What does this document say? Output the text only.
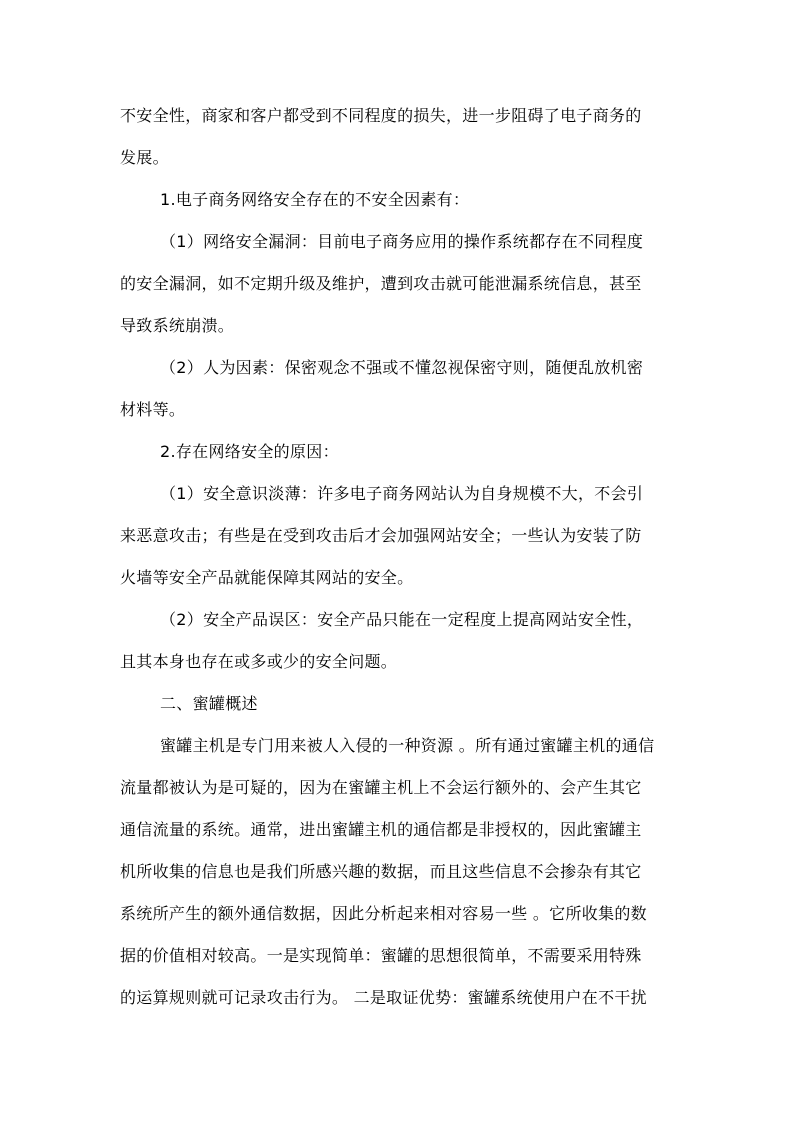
不安全性，商家和客户都受到不同程度的损失，进一步阻碍了电子商务的
发展。
1.电子商务网络安全存在的不安全因素有：
（1）网络安全漏洞：目前电子商务应用的操作系统都存在不同程度
的安全漏洞，如不定期升级及维护，遭到攻击就可能泄漏系统信息，甚至
导致系统崩溃。
（2）人为因素：保密观念不强或不懂忽视保密守则，随便乱放机密
材料等。
2.存在网络安全的原因：
（1）安全意识淡薄：许多电子商务网站认为自身规模不大，不会引
来恶意攻击；有些是在受到攻击后才会加强网站安全；一些认为安装了防
火墙等安全产品就能保障其网站的安全。
（2）安全产品误区：安全产品只能在一定程度上提高网站安全性，
且其本身也存在或多或少的安全问题。
二、蜜罐概述
蜜罐主机是专门用来被人入侵的一种资源 。所有通过蜜罐主机的通信
流量都被认为是可疑的，因为在蜜罐主机上不会运行额外的、会产生其它
通信流量的系统。通常，进出蜜罐主机的通信都是非授权的，因此蜜罐主
机所收集的信息也是我们所感兴趣的数据，而且这些信息不会掺杂有其它
系统所产生的额外通信数据，因此分析起来相对容易一些 。它所收集的数
据的价值相对较高。一是实现简单：蜜罐的思想很简单，不需要采用特殊
的运算规则就可记录攻击行为。 二是取证优势：蜜罐系统使用户在不干扰
